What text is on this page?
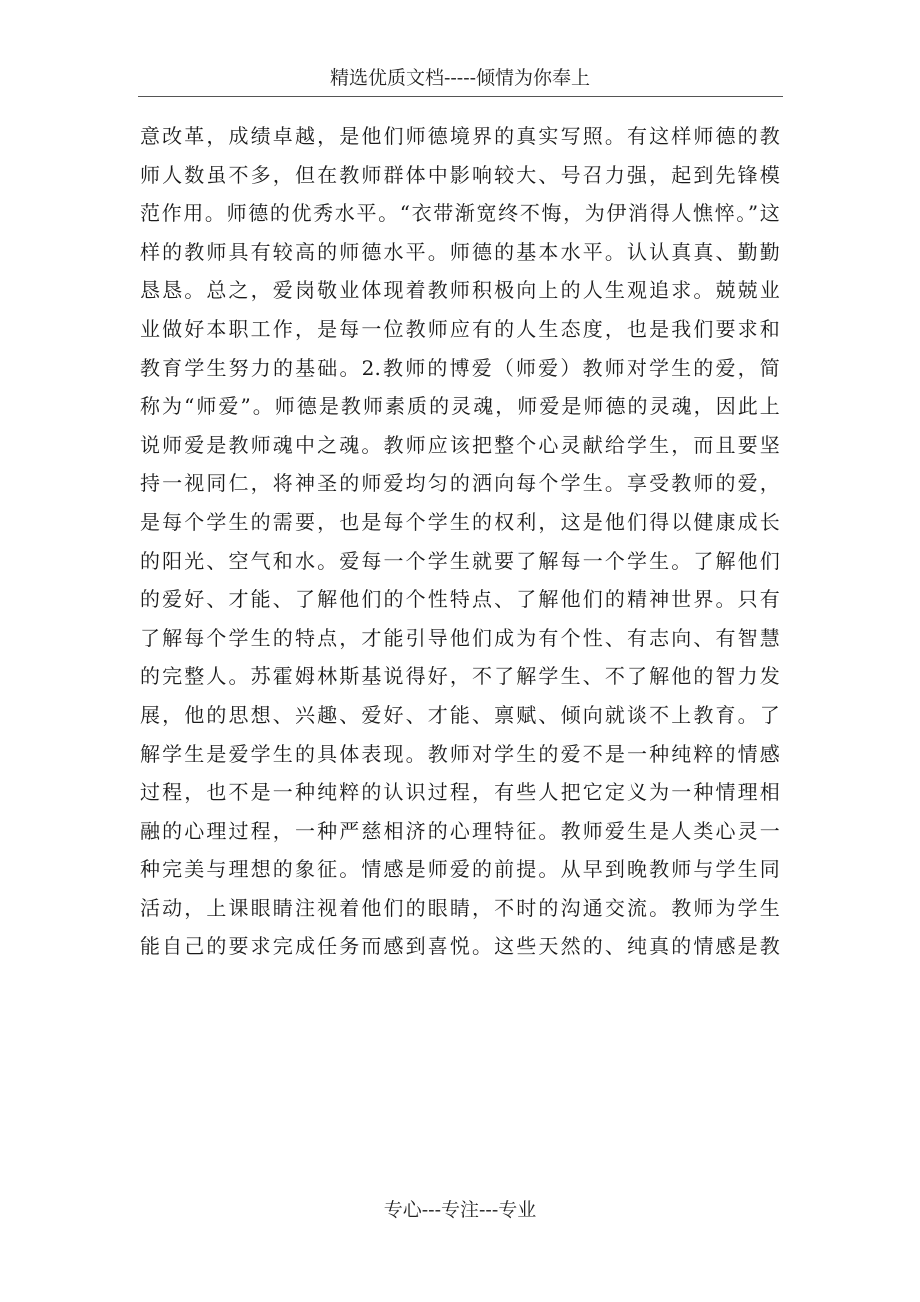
精选优质文档-----倾情为你奉上
意改革，成绩卓越，是他们师德境界的真实写照。有这样师德的教
师人数虽不多，但在教师群体中影响较大、号召力强，起到先锋模
范作用。师德的优秀水平。“衣带渐宽终不悔，为伊消得人憔悴。”这
样的教师具有较高的师德水平。师德的基本水平。认认真真、勤勤
恳恳。总之，爱岗敬业体现着教师积极向上的人生观追求。兢兢业
业做好本职工作，是每一位教师应有的人生态度，也是我们要求和
教育学生努力的基础。2.教师的博爱（师爱）教师对学生的爱，简
称为“师爱”。师德是教师素质的灵魂，师爱是师德的灵魂，因此上
说师爱是教师魂中之魂。教师应该把整个心灵献给学生，而且要坚
持一视同仁，将神圣的师爱均匀的洒向每个学生。享受教师的爱，
是每个学生的需要，也是每个学生的权利，这是他们得以健康成长
的阳光、空气和水。爱每一个学生就要了解每一个学生。了解他们
的爱好、才能、了解他们的个性特点、了解他们的精神世界。只有
了解每个学生的特点，才能引导他们成为有个性、有志向、有智慧
的完整人。苏霍姆林斯基说得好，不了解学生、不了解他的智力发
展，他的思想、兴趣、爱好、才能、禀赋、倾向就谈不上教育。了
解学生是爱学生的具体表现。教师对学生的爱不是一种纯粹的情感
过程，也不是一种纯粹的认识过程，有些人把它定义为一种情理相
融的心理过程，一种严慈相济的心理特征。教师爱生是人类心灵一
种完美与理想的象征。情感是师爱的前提。从早到晚教师与学生同
活动，上课眼睛注视着他们的眼睛，不时的沟通交流。教师为学生
能自己的要求完成任务而感到喜悦。这些天然的、纯真的情感是教
专心---专注---专业
